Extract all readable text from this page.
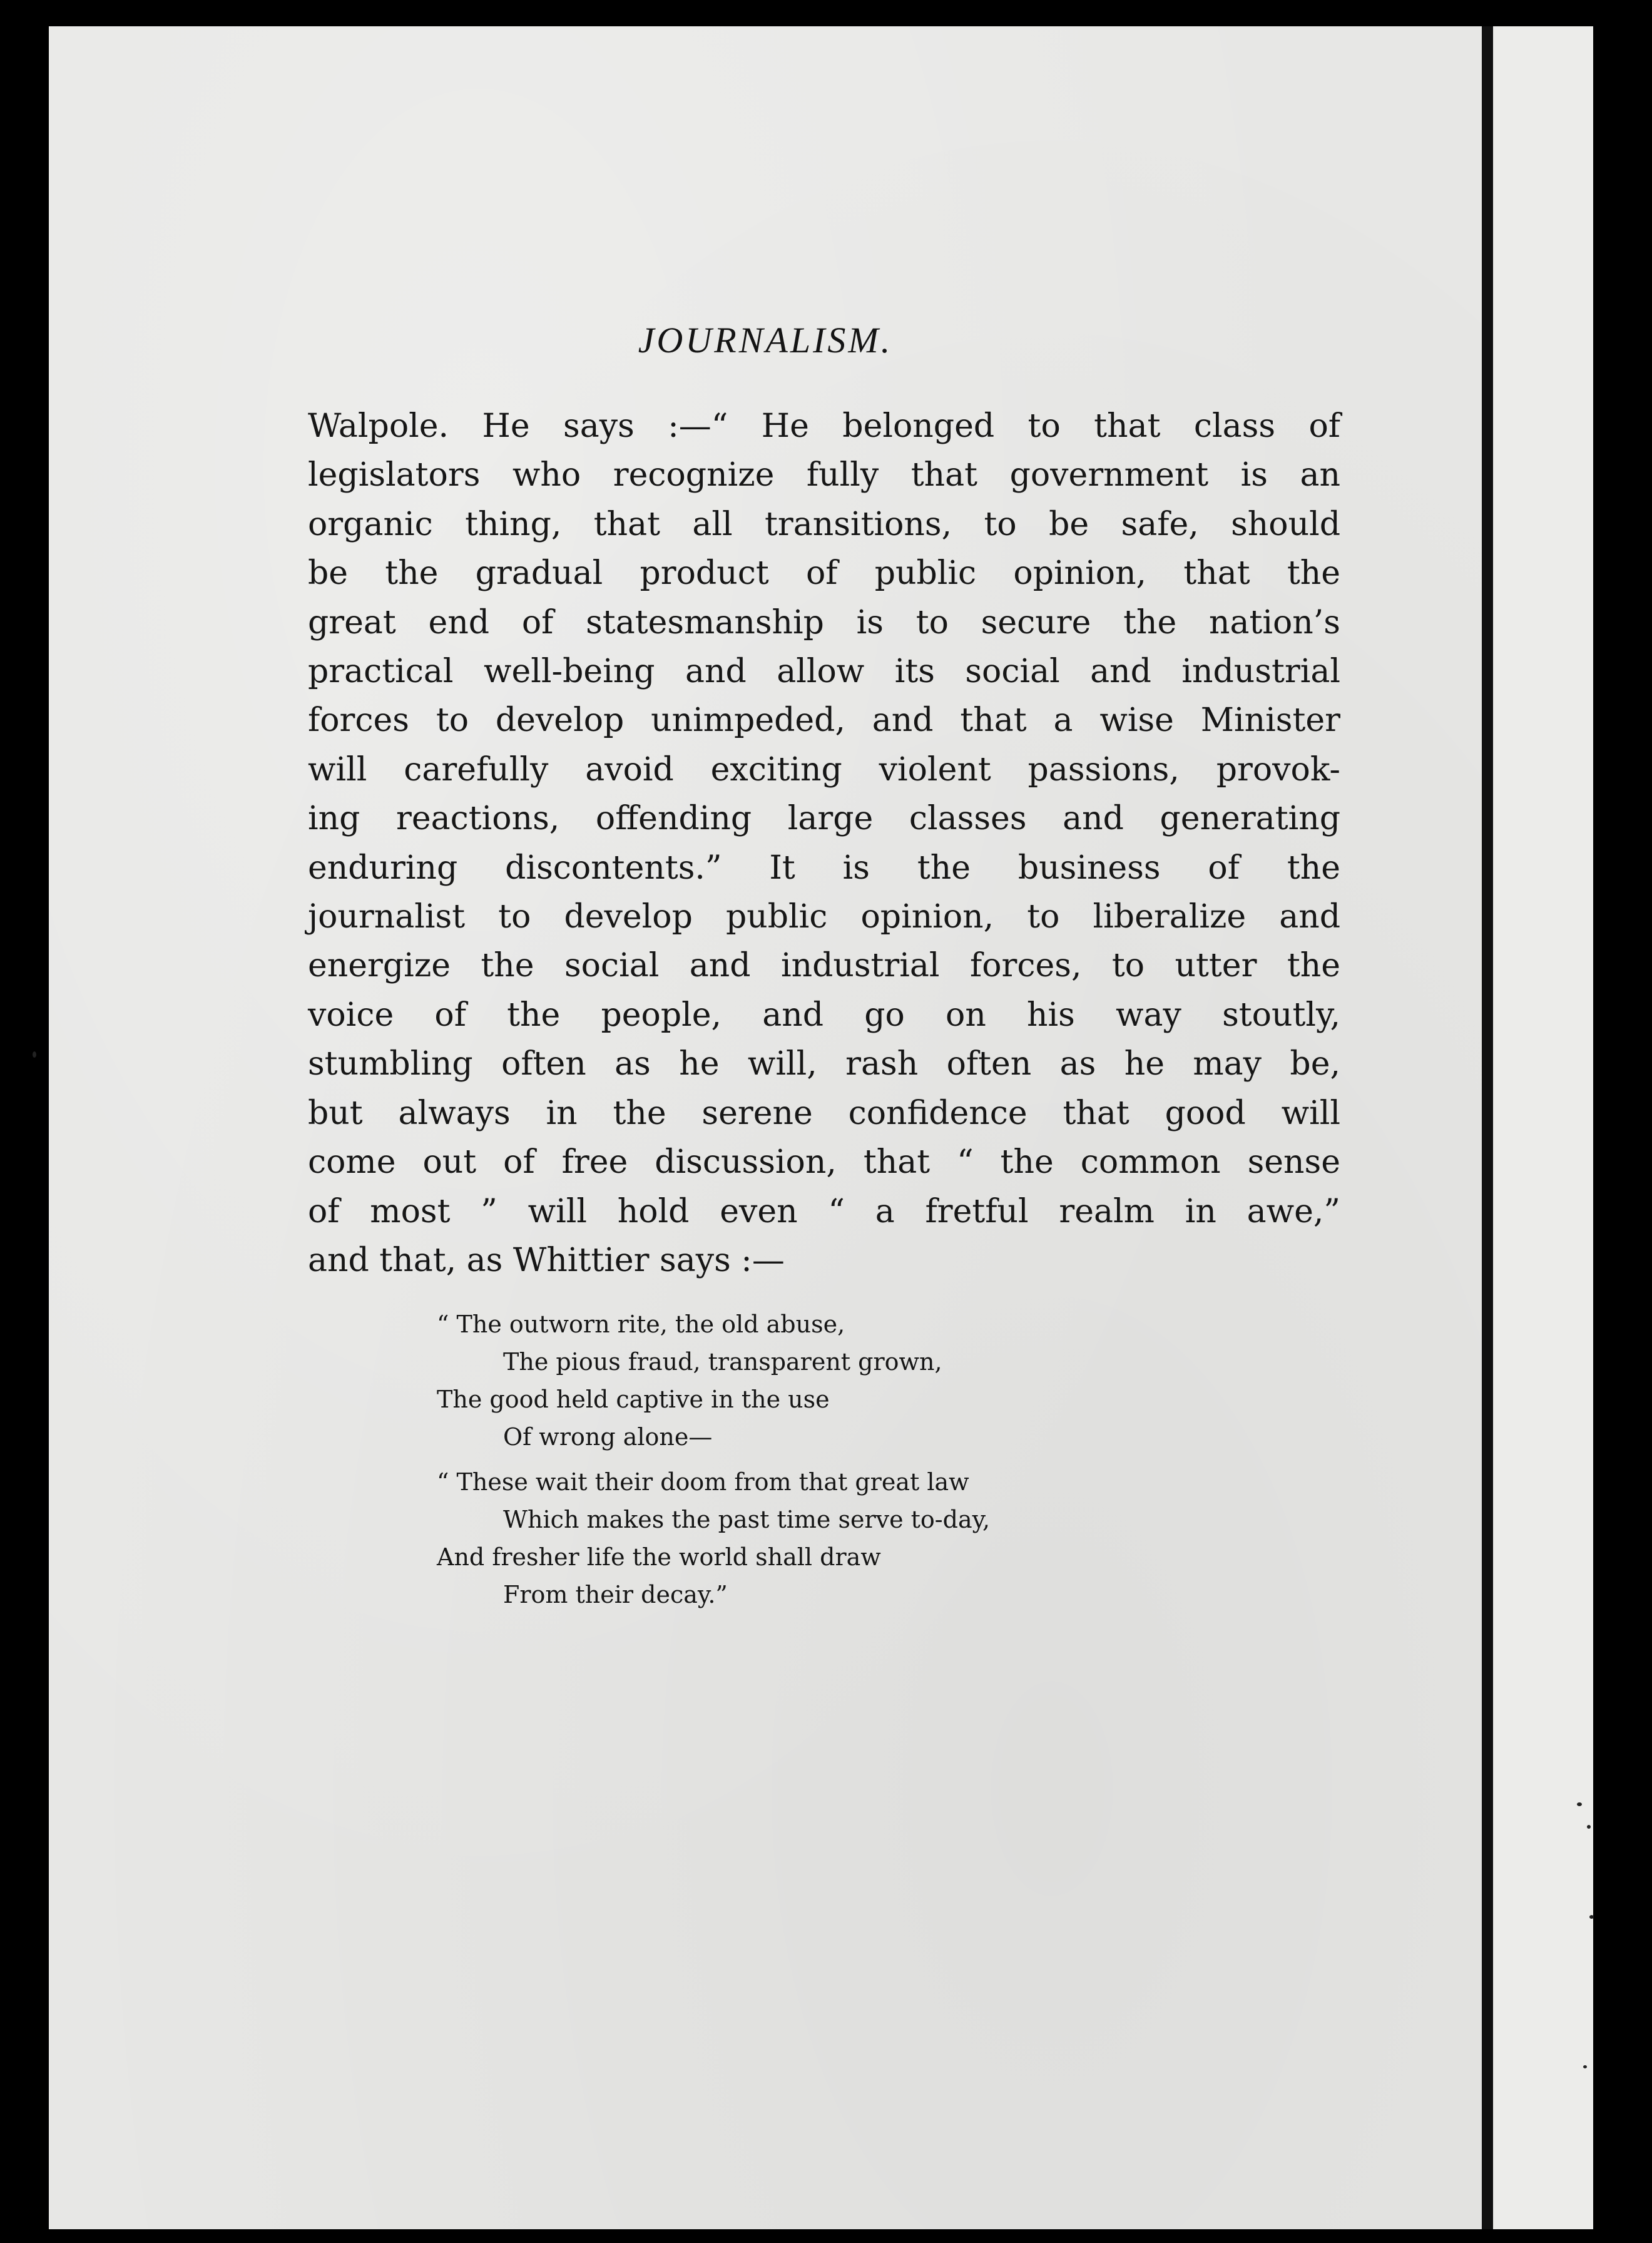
JOURNALISM.
Walpole. He says :—“ He belonged to that class of
legislators who recognize fully that government is an
organic thing, that all transitions, to be safe, should
be the gradual product of public opinion, that the
great end of statesmanship is to secure the nation’s
practical well-being and allow its social and industrial
forces to develop unimpeded, and that a wise Minister
will carefully avoid exciting violent passions, provok-
ing reactions, offending large classes and generating
enduring discontents.” It is the business of the
journalist to develop public opinion, to liberalize and
energize the social and industrial forces, to utter the
voice of the people, and go on his way stoutly,
stumbling often as he will, rash often as he may be,
but always in the serene confidence that good will
come out of free discussion, that “ the common sense
of most ” will hold even “ a fretful realm in awe,”
and that, as Whittier says :—
“ The outworn rite, the old abuse,
The pious fraud, transparent grown,
The good held captive in the use
Of wrong alone—
“ These wait their doom from that great law
Which makes the past time serve to-day,
And fresher life the world shall draw
From their decay.”
